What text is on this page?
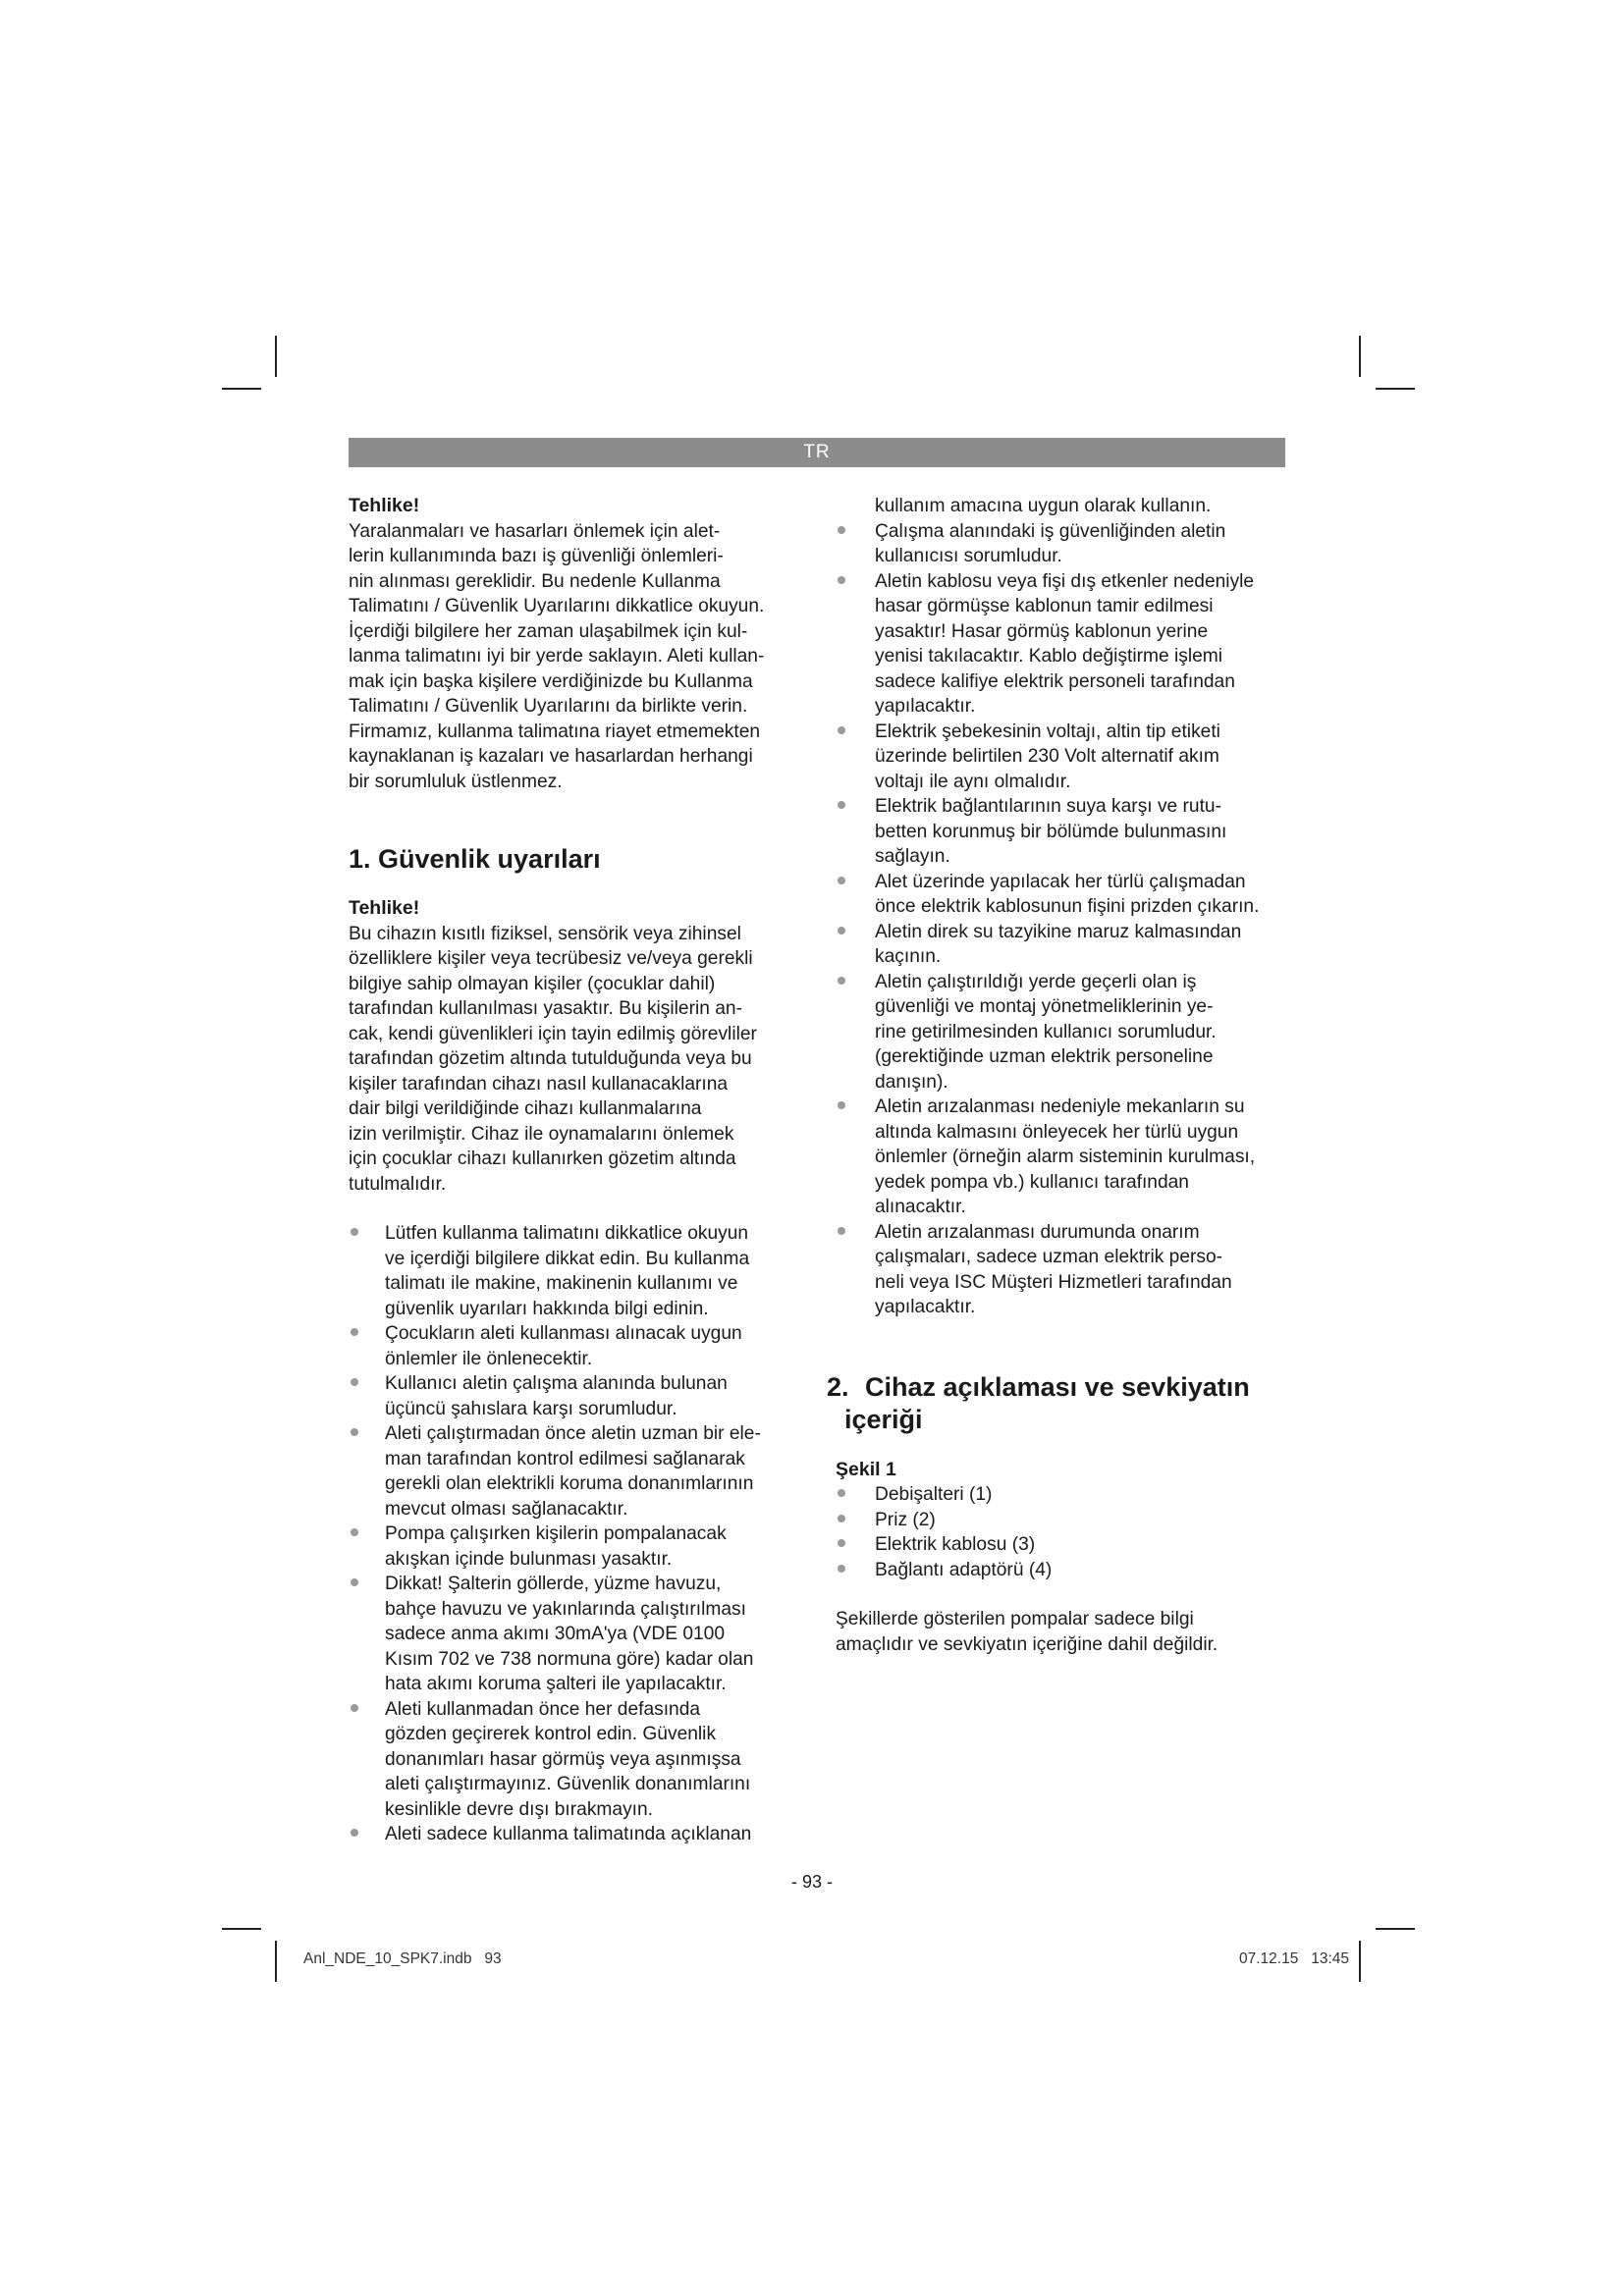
TR
Tehlike!

Yaralanmaları ve hasarları önlemek için alet-
lerin kullanımında bazı iş güvenliği önlemleri-
nin alınması gereklidir. Bu nedenle Kullanma
Talimatını / Güvenlik Uyarılarını dikkatlice okuyun.
İçerdiği bilgilere her zaman ulaşabilmek için kul-
lanma talimatını iyi bir yerde saklayın. Aleti kullan-
mak için başka kişilere verdiğinizde bu Kullanma
Talimatını / Güvenlik Uyarılarını da birlikte verin.
Firmamız, kullanma talimatına riayet etmemekten
kaynaklanan iş kazaları ve hasarlardan herhangi
bir sorumluluk üstlenmez.

1. Güvenlik uyarıları
Tehlike!

Bu cihazın kısıtlı fiziksel, sensörik veya zihinsel
özelliklere kişiler veya tecrübesiz ve/veya gerekli
bilgiye sahip olmayan kişiler (çocuklar dahil)
tarafından kullanılması yasaktır. Bu kişilerin an-
cak, kendi güvenlikleri için tayin edilmiş görevliler
tarafından gözetim altında tutulduğunda veya bu
kişiler tarafından cihazı nasıl kullanacaklarına
dair bilgi verildiğinde cihazı kullanmalarına
izin verilmiştir. Cihaz ile oynamalarını önlemek
için çocuklar cihazı kullanırken gözetim altında
tutulmalıdır.

Lütfen kullanma talimatını dikkatlice okuyun
ve içerdiği bilgilere dikkat edin. Bu kullanma
talimatı ile makine, makinenin kullanımı ve
güvenlik uyarıları hakkında bilgi edinin.
Çocukların aleti kullanması alınacak uygun
önlemler ile önlenecektir.
Kullanıcı aletin çalışma alanında bulunan
üçüncü şahıslara karşı sorumludur.
Aleti çalıştırmadan önce aletin uzman bir ele-
man tarafından kontrol edilmesi sağlanarak
gerekli olan elektrikli koruma donanımlarının
mevcut olması sağlanacaktır.
Pompa çalışırken kişilerin pompalanacak
akışkan içinde bulunması yasaktır.
Dikkat! Şalterin göllerde, yüzme havuzu,
bahçe havuzu ve yakınlarında çalıştırılması
sadece anma akımı 30mA'ya (VDE 0100
Kısım 702 ve 738 normuna göre) kadar olan
hata akımı koruma şalteri ile yapılacaktır.
Aleti kullanmadan önce her defasında
gözden geçirerek kontrol edin. Güvenlik
donanımları hasar görmüş veya aşınmışsa
aleti çalıştırmayınız. Güvenlik donanımlarını
kesinlikle devre dışı bırakmayın.
Aleti sadece kullanma talimatında açıklanan

kullanım amacına uygun olarak kullanın.

Çalışma alanındaki iş güvenliğinden aletin
kullanıcısı sorumludur.
Aletin kablosu veya fişi dış etkenler nedeniyle
hasar görmüşse kablonun tamir edilmesi
yasaktır! Hasar görmüş kablonun yerine
yenisi takılacaktır. Kablo değiştirme işlemi
sadece kalifiye elektrik personeli tarafından
yapılacaktır.
Elektrik şebekesinin voltajı, altin tip etiketi
üzerinde belirtilen 230 Volt alternatif akım
voltajı ile aynı olmalıdır.
Elektrik bağlantılarının suya karşı ve rutu-
betten korunmuş bir bölümde bulunmasını
sağlayın.
Alet üzerinde yapılacak her türlü çalışmadan
önce elektrik kablosunun fişini prizden çıkarın.
Aletin direk su tazyikine maruz kalmasından
kaçının.
Aletin çalıştırıldığı yerde geçerli olan iş
güvenliği ve montaj yönetmeliklerinin ye-
rine getirilmesinden kullanıcı sorumludur.
(gerektiğinde uzman elektrik personeline
danışın).
Aletin arızalanması nedeniyle mekanların su
altında kalmasını önleyecek her türlü uygun
önlemler (örneğin alarm sisteminin kurulması,
yedek pompa vb.) kullanıcı tarafından
alınacaktır.
Aletin arızalanması durumunda onarım
çalışmaları, sadece uzman elektrik perso-
neli veya ISC Müşteri Hizmetleri tarafından
yapılacaktır.
2. Cihaz açıklaması ve sevkiyatın
içeriği
Şekil 1
Debişalteri (1)
Priz (2)
Elektrik kablosu (3)
Bağlantı adaptörü (4)

Şekillerde gösterilen pompalar sadece bilgi
amaçlıdır ve sevkiyatın içeriğine dahil değildir.

- 93 -
Anl_NDE_10_SPK7.indb   93	07.12.15   13:45
